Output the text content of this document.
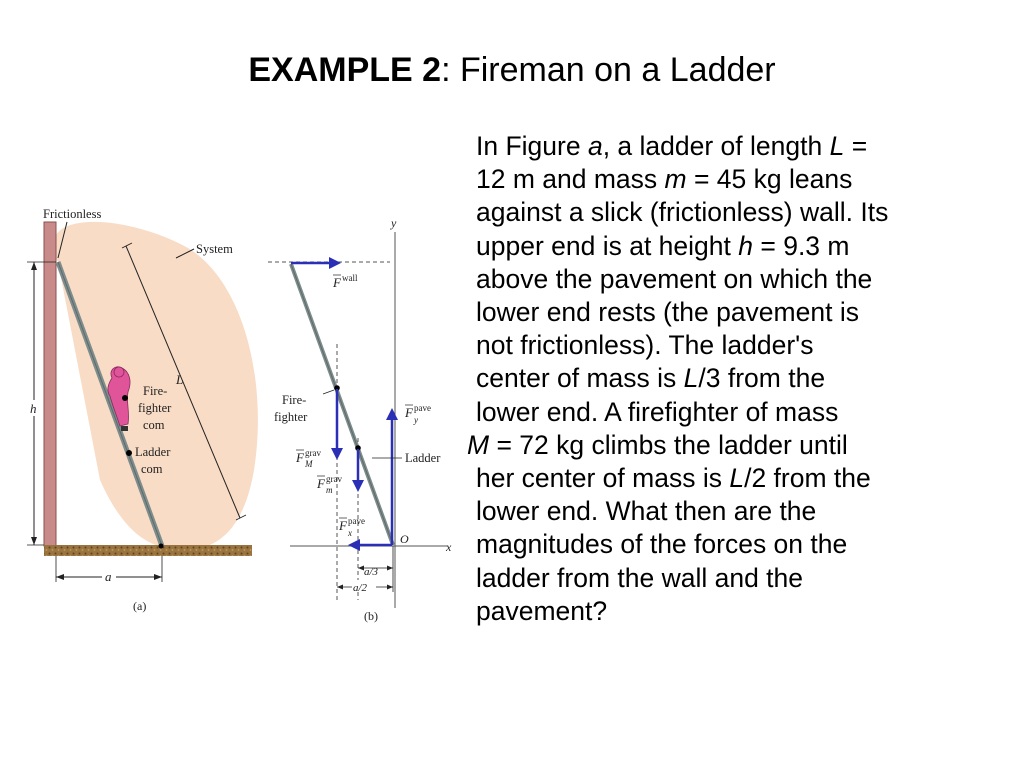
EXAMPLE 2: Fireman on a Ladder
In Figure a, a ladder of length L =
12 m and mass m = 45 kg leans
against a slick (frictionless) wall. Its
upper end is at height h = 9.3 m
above the pavement on which the
lower end rests (the pavement is
not frictionless). The ladder's
center of mass is L/3 from the
lower end. A firefighter of mass
M = 72 kg climbs the ladder until
her center of mass is L/2 from the
lower end. What then are the
magnitudes of the forces on the
ladder from the wall and the
pavement?
Frictionless
System
h
L
Fire-
fighter
com
Ladder
com
a
(a)
y
x
O
F wall
F grav
M
F grav
m
F pave
y
F pave
x
Fire-
fighter
Ladder
a/3
a/2
(b)
